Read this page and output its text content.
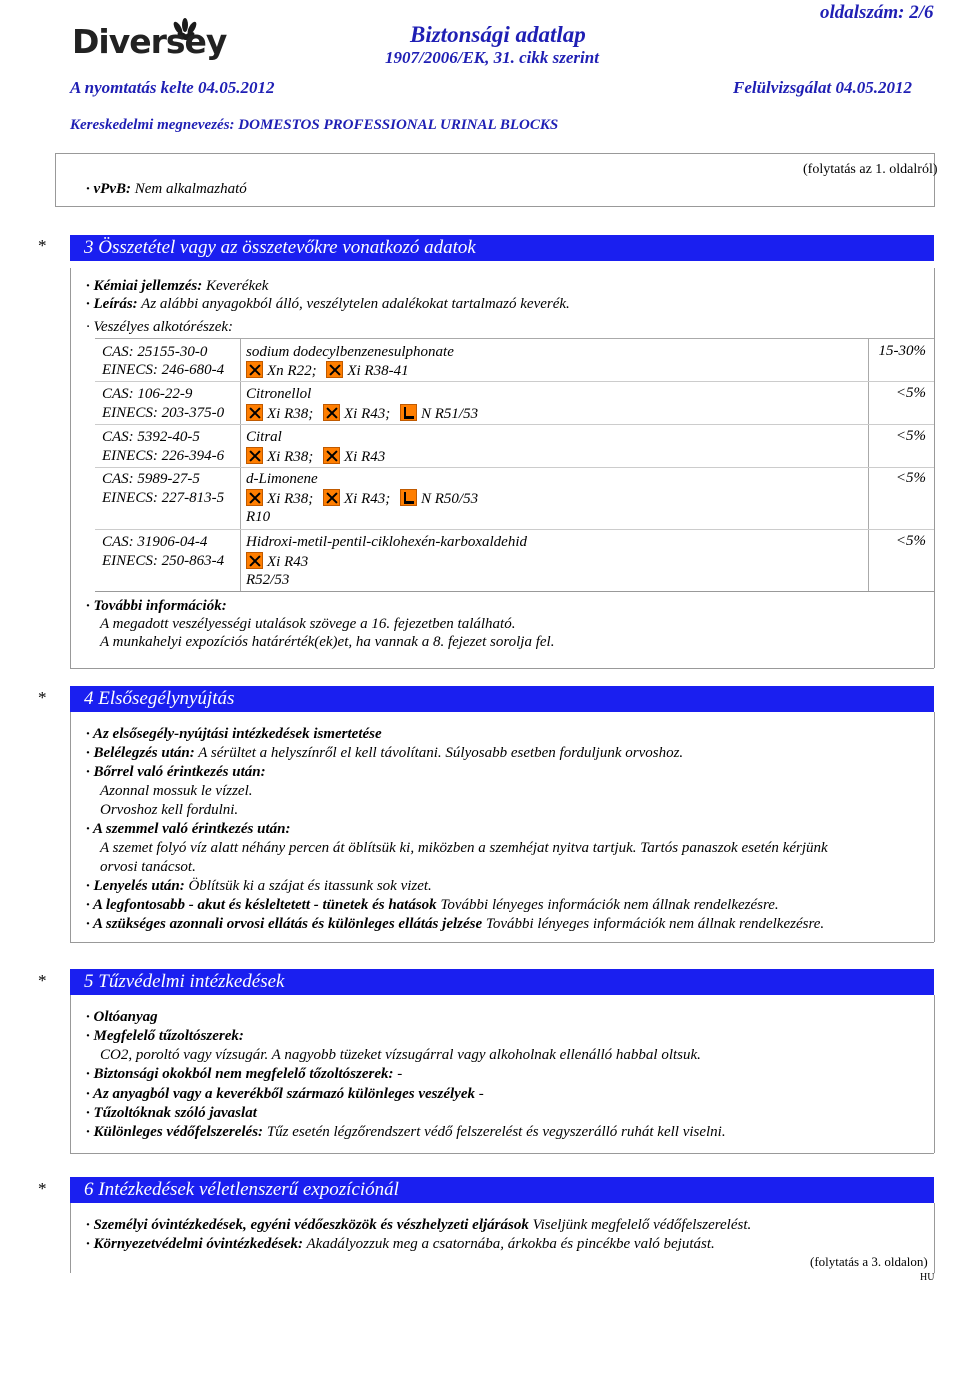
Diversey	Biztonsági adatlap
1907/2006/EK, 31. cikk szerint
oldalszám: 2/6
A nyomtatás kelte 04.05.2012	Felülvizsgálat 04.05.2012
Kereskedelmi megnevezés: DOMESTOS PROFESSIONAL URINAL BLOCKS
· vPvB: Nem alkalmazható
(folytatás az 1. oldalról)
* 3 Összetétel vagy az összetevőkre vonatkozó adatok
· Kémiai jellemzés: Keverékek
· Leírás: Az alábbi anyagokból álló, veszélytelen adalékokat tartalmazó keverék.
· Veszélyes alkotórészek:
CAS: 25155-30-0
EINECS: 246-680-4
sodium dodecylbenzenesulphonate
Xn R22; Xi R38-41
15-30%
CAS: 106-22-9
EINECS: 203-375-0
Citronellol
Xi R38; Xi R43; N R51/53
<5%
CAS: 5392-40-5
EINECS: 226-394-6
Citral
Xi R38; Xi R43
<5%
CAS: 5989-27-5
EINECS: 227-813-5
d-Limonene
Xi R38; Xi R43; N R50/53
R10
<5%
CAS: 31906-04-4
EINECS: 250-863-4
Hidroxi-metil-pentil-ciklohexén-karboxaldehid
Xi R43
R52/53
<5%
· További információk:
A megadott veszélyességi utalások szövege a 16. fejezetben található.
A munkahelyi expozíciós határérték(ek)et, ha vannak a 8. fejezet sorolja fel.
* 4 Elsősegélynyújtás
· Az elsősegély-nyújtási intézkedések ismertetése
· Belélegzés után: A sérültet a helyszínről el kell távolítani. Súlyosabb esetben forduljunk orvoshoz.
· Bőrrel való érintkezés után:
Azonnal mossuk le vízzel.
Orvoshoz kell fordulni.
· A szemmel való érintkezés után:
A szemet folyó víz alatt néhány percen át öblítsük ki, miközben a szemhéjat nyitva tartjuk. Tartós panaszok esetén kérjünk
orvosi tanácsot.
· Lenyelés után: Öblítsük ki a szájat és itassunk sok vizet.
· A legfontosabb - akut és késleltetett - tünetek és hatások További lényeges információk nem állnak rendelkezésre.
· A szükséges azonnali orvosi ellátás és különleges ellátás jelzése További lényeges információk nem állnak rendelkezésre.
* 5 Tűzvédelmi intézkedések
· Oltóanyag
· Megfelelő tűzoltószerek:
CO2, poroltó vagy vízsugár. A nagyobb tüzeket vízsugárral vagy alkoholnak ellenálló habbal oltsuk.
· Biztonsági okokból nem megfelelő tőzoltószerek: -
· Az anyagból vagy a keverékből származó különleges veszélyek -
· Tűzoltóknak szóló javaslat
· Különleges védőfelszerelés: Tűz esetén légzőrendszert védő felszerelést és vegyszerálló ruhát kell viselni.
* 6 Intézkedések véletlenszerű expozíciónál
· Személyi óvintézkedések, egyéni védőeszközök és vészhelyzeti eljárások Viseljünk megfelelő védőfelszerelést.
· Környezetvédelmi óvintézkedések: Akadályozzuk meg a csatornába, árkokba és pincékbe való bejutást.
(folytatás a 3. oldalon)
HU
